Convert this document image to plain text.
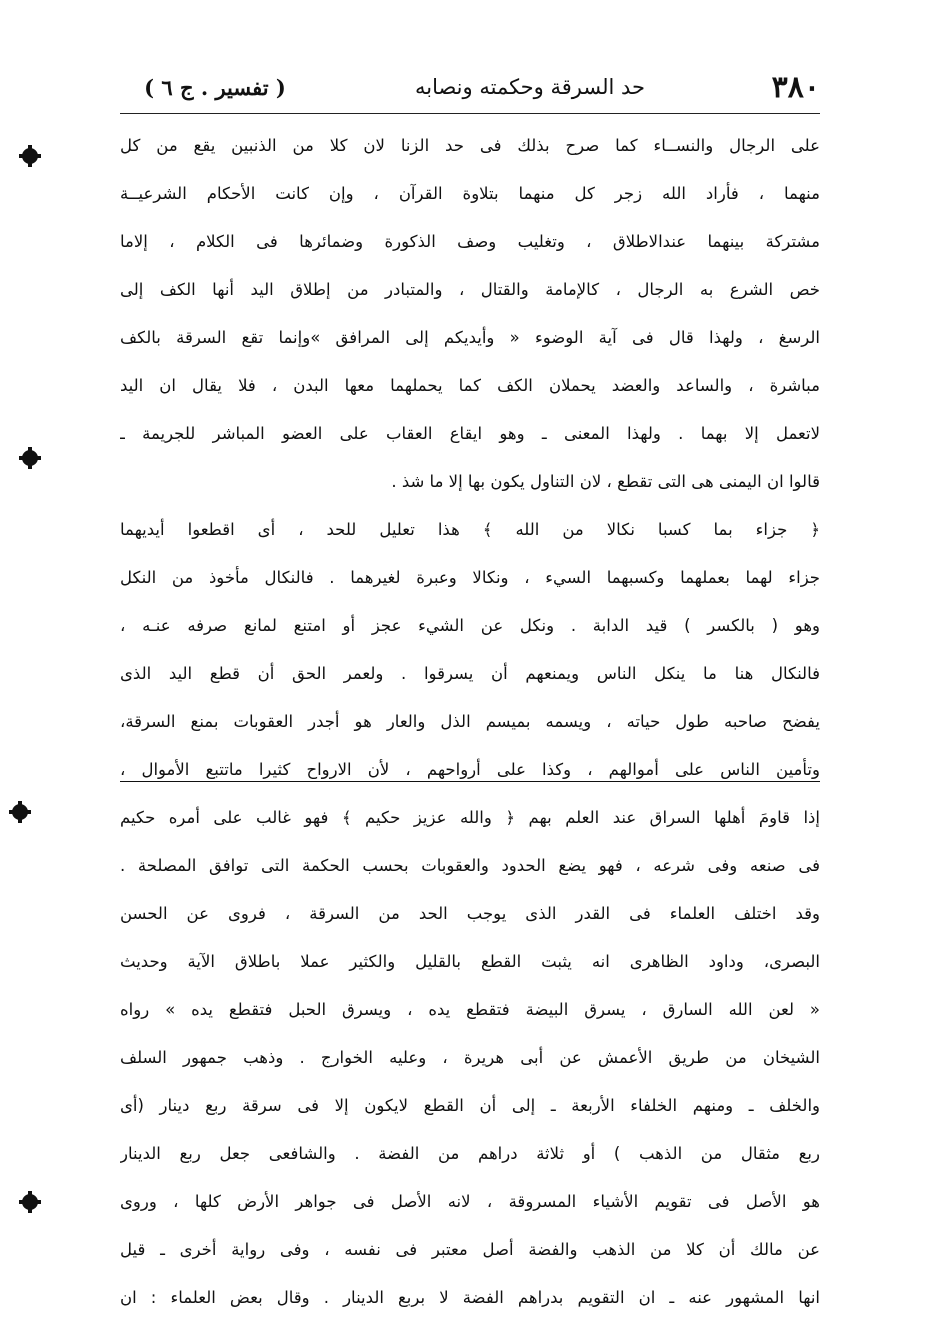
٣٨٠
حد السرقة وحكمته ونصابه
( تفسير . ج ٦ )
على الرجال والنســاء كما صرح بذلك فى حد الزنا لان كلا من الذنبين يقع من كل
منهما ، فأراد الله زجر كل منهما بتلاوة القرآن ، وإن كانت الأحكام الشرعيــة
مشتركة بينهما عندالاطلاق ، وتغليب وصف الذكورة وضمائرها فى الكلام ، إلاما
خص الشرع به الرجال ، كالإمامة والقتال ، والمتبادر من إطلاق اليد أنها الكف إلى
الرسغ ، ولهذا قال فى آية الوضوء « وأيديكم إلى المرافق »وإنما تقع السرقة بالكف
مباشرة ، والساعد والعضد يحملان الكف كما يحملهما معها البدن ، فلا يقال ان اليد
لاتعمل إلا بهما . ولهذا المعنى ـ وهو ايقاع العقاب على العضو المباشر للجريمة ـ
قالوا ان اليمنى هى التى تقطع ، لان التناول يكون بها إلا ما شذ .
﴿ جزاء بما كسبا نكالا من الله ﴾ هذا تعليل للحد ، أى اقطعوا أيديهما
جزاء لهما بعملهما وكسبهما السيء ، ونكالا وعبرة لغيرهما . فالنكال مأخوذ من النكل
وهو ( بالكسر ) قيد الدابة . ونكل عن الشيء عجز أو امتنع لمانع صرفه عنـه ،
فالنكال هنا ما ينكل الناس ويمنعهم أن يسرقوا . ولعمر الحق أن قطع اليد الذى
يفضح صاحبه طول حياته ، ويسمه بميسم الذل والعار هو أجدر العقوبات بمنع السرقة،
وتأمين الناس على أموالهم ، وكذا على أرواحهم ، لأن الارواح كثيرا ماتتبع الأموال ،
إذا قاومَ أهلها السراق عند العلم بهم ﴿ والله عزيز حكيم ﴾ فهو غالب على أمره حكيم
فى صنعه وفى شرعه ، فهو يضع الحدود والعقوبات بحسب الحكمة التى توافق المصلحة .
وقد اختلف العلماء فى القدر الذى يوجب الحد من السرقة ، فروى عن الحسن
البصرى، وداود الظاهرى انه يثبت القطع بالقليل والكثير عملا باطلاق الآية وحديث
« لعن الله السارق ، يسرق البيضة فتقطع يده ، ويسرق الحبل فتقطع يده » رواه
الشيخان من طريق الأعمش عن أبى هريرة ، وعليه الخوارج . وذهب جمهور السلف
والخلف ـ ومنهم الخلفاء الأربعة ـ إلى أن القطع لايكون إلا فى سرقة ربع دينار (أى
ربع مثقال من الذهب ) أو ثلاثة دراهم من الفضة . والشافعى جعل ربع الدينار
هو الأصل فى تقويم الأشياء المسروقة ، لانه الأصل فى جواهر الأرض كلها ، وروى
عن مالك أن كلا من الذهب والفضة أصل معتبر فى نفسه ، وفى رواية أخرى ـ قيل
انها المشهور عنه ـ ان التقويم بدراهم الفضة لا بربع الدينار . وقال بعض العلماء : ان
